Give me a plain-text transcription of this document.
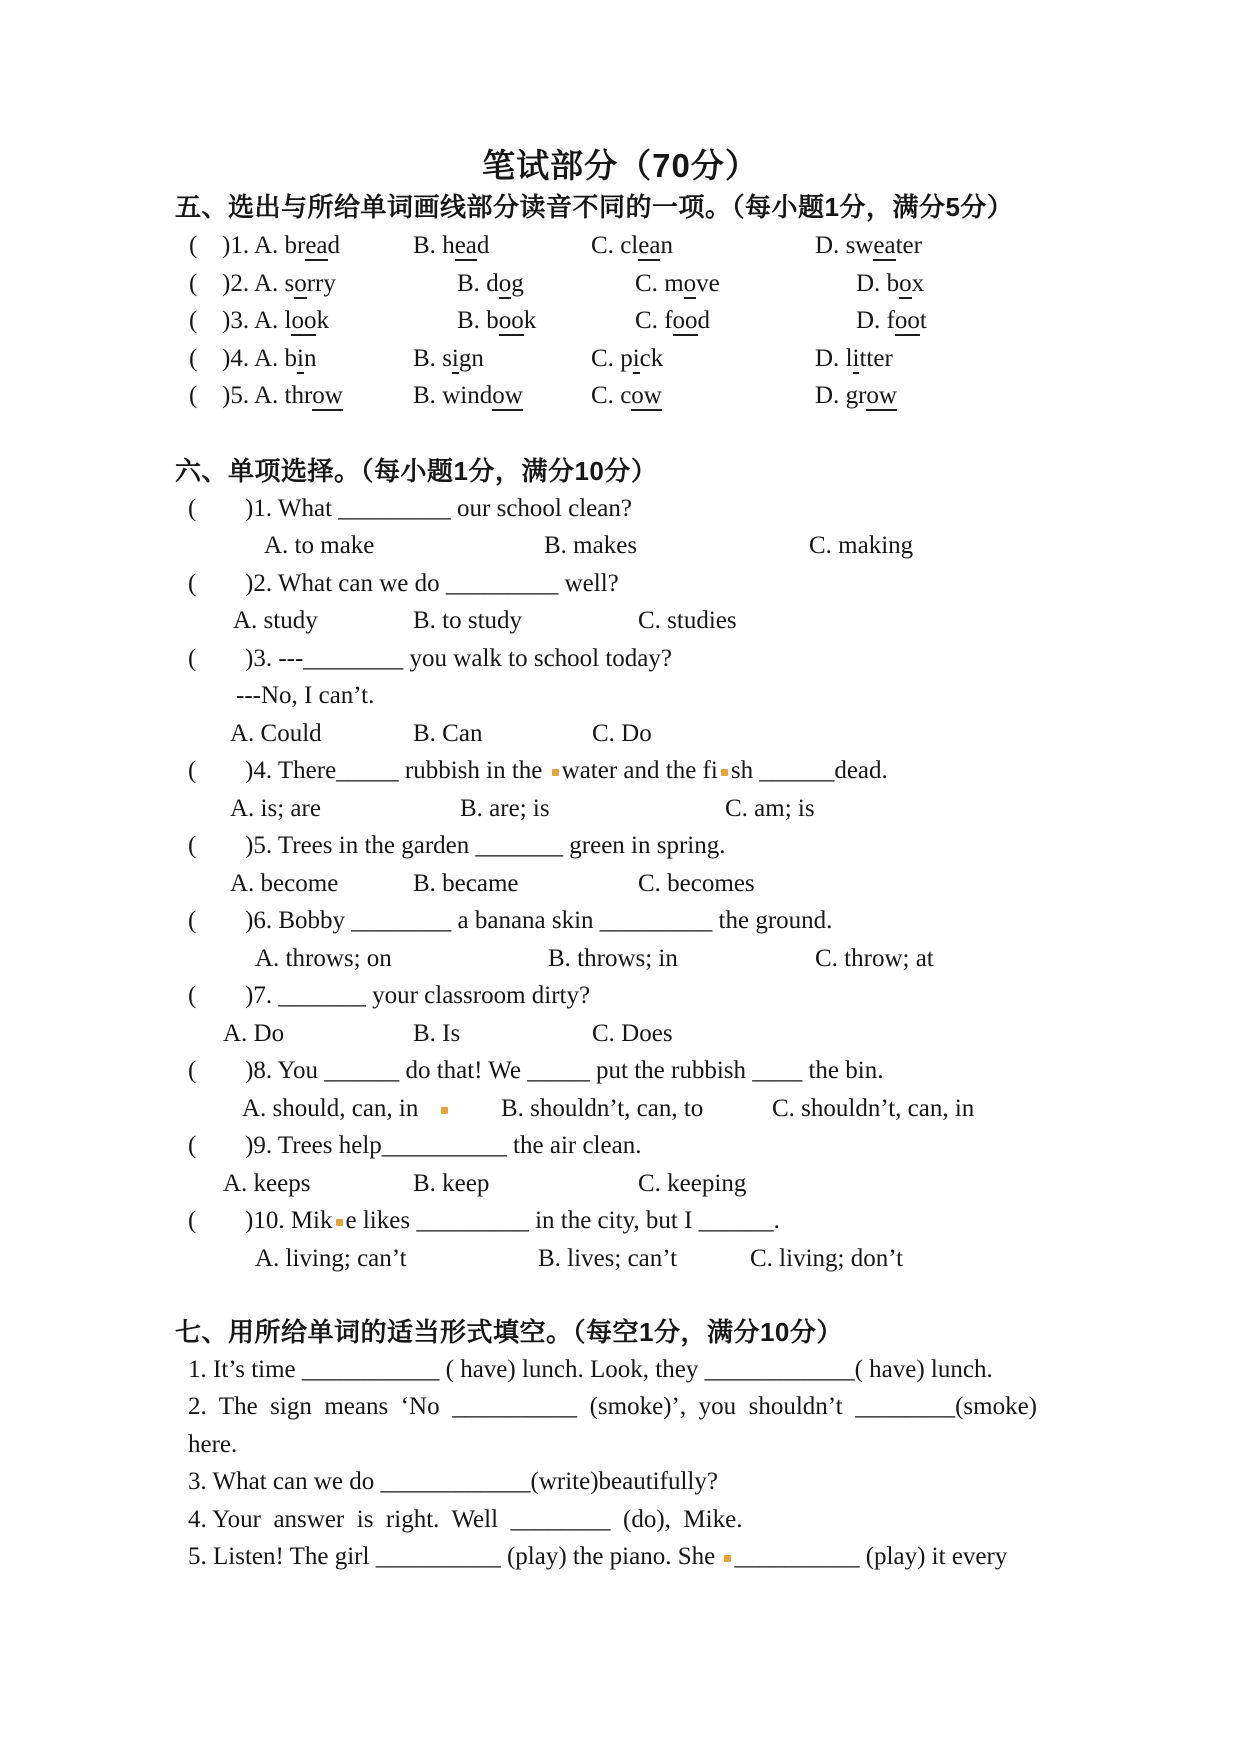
笔试部分（70分）
五、选出与所给单词画线部分读音不同的一项。（每小题1分，满分5分）
六、单项选择。（每小题1分，满分10分）
七、用所给单词的适当形式填空。（每空1分，满分10分）
( )1. A. bread	B. head	C. clean	D. sweater
( )2. A. sorry	B. dog	C. move	D. box
( )3. A. look	B. book	C. food	D. foot
( )4. A. bin	B. sign	C. pick	D. litter
( )5. A. throw	B. window	C. cow	D. grow
( )1. What _________ our school clean?
A. to make	B. makes	C. making
( )2. What can we do _________ well?
A. study	B. to study	C. studies
( )3. ---________ you walk to school today?
---No, I can’t.
A. Could	B. Can	C. Do
( )4. There_____ rubbish in the water and the fi sh ______dead.
A. is; are	B. are; is	C. am; is
( )5. Trees in the garden _______ green in spring.
A. become	B. became	C. becomes
( )6. Bobby ________ a banana skin _________ the ground.
A. throws; on	B. throws; in	C. throw; at
( )7. _______ your classroom dirty?
A. Do	B. Is	C. Does
( )8. You ______ do that! We _____ put the rubbish ____ the bin.
A. should, can, in	B. shouldn’t, can, to	C. shouldn’t, can, in
( )9. Trees help__________ the air clean.
A. keeps	B. keep	C. keeping
( )10. Mik e likes _________ in the city, but I ______.
A. living; can’t	B. lives; can’t	C. living; don’t
1. It’s time ___________ ( have) lunch. Look, they ____________( have) lunch.
2.  The  sign  means  ‘No  __________  (smoke)’,  you  shouldn’t  ________(smoke)
here.
3. What can we do ____________(write)beautifully?
4. Your  answer  is  right.  Well  ________  (do),  Mike.
5. Listen! The girl __________ (play) the piano. She __________ (play) it every
